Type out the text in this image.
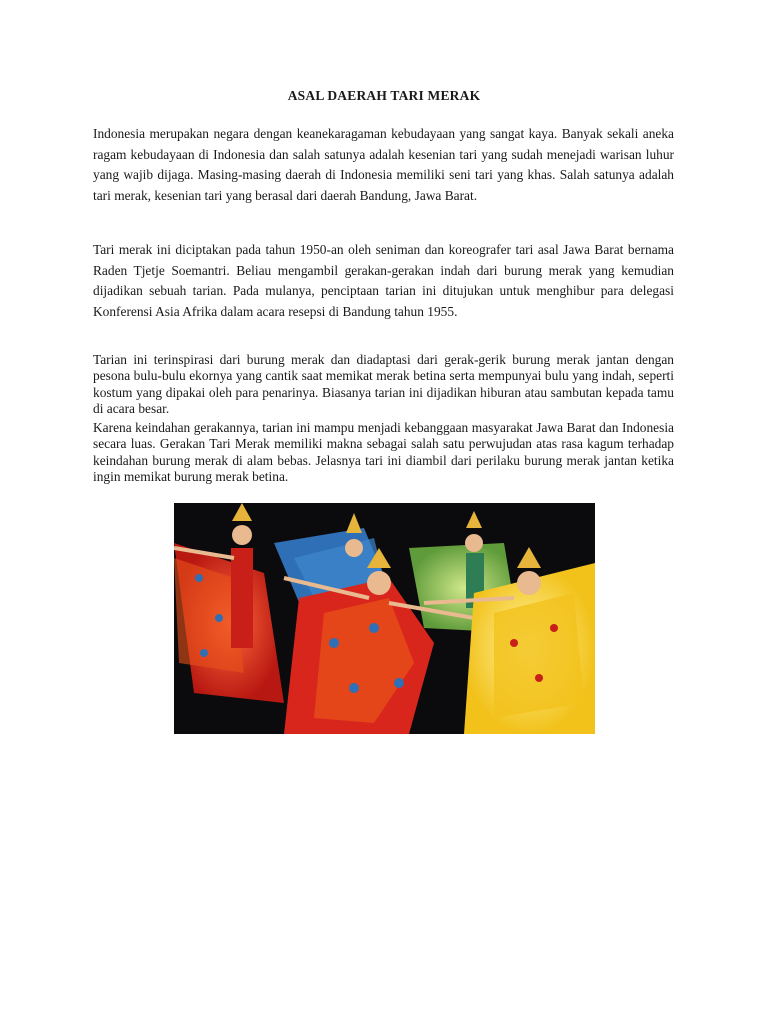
ASAL DAERAH TARI MERAK

Indonesia merupakan negara dengan keanekaragaman kebudayaan yang sangat kaya. Banyak sekali aneka ragam kebudayaan di Indonesia dan salah satunya adalah kesenian tari yang sudah menejadi warisan luhur yang wajib dijaga. Masing-masing daerah di Indonesia memiliki seni tari yang khas. Salah satunya adalah tari merak, kesenian tari yang berasal dari daerah Bandung, Jawa Barat.

Tari merak ini diciptakan pada tahun 1950-an oleh seniman dan koreografer tari asal Jawa Barat bernama Raden Tjetje Soemantri. Beliau mengambil gerakan-gerakan indah dari burung merak yang kemudian dijadikan sebuah tarian. Pada mulanya, penciptaan tarian ini ditujukan untuk menghibur para delegasi Konferensi Asia Afrika dalam acara resepsi di Bandung tahun 1955.

Tarian ini terinspirasi dari burung merak dan diadaptasi dari gerak-gerik burung merak jantan dengan pesona bulu-bulu ekornya yang cantik saat memikat merak betina serta mempunyai bulu yang indah, seperti kostum yang dipakai oleh para penarinya. Biasanya tarian ini dijadikan hiburan atau sambutan kepada tamu di acara besar.

Karena keindahan gerakannya, tarian ini mampu menjadi kebanggaan masyarakat Jawa Barat dan Indonesia secara luas. Gerakan Tari Merak memiliki makna sebagai salah satu perwujudan atas rasa kagum terhadap keindahan burung merak di alam bebas. Jelasnya tari ini diambil dari perilaku burung merak jantan ketika ingin memikat burung merak betina.
